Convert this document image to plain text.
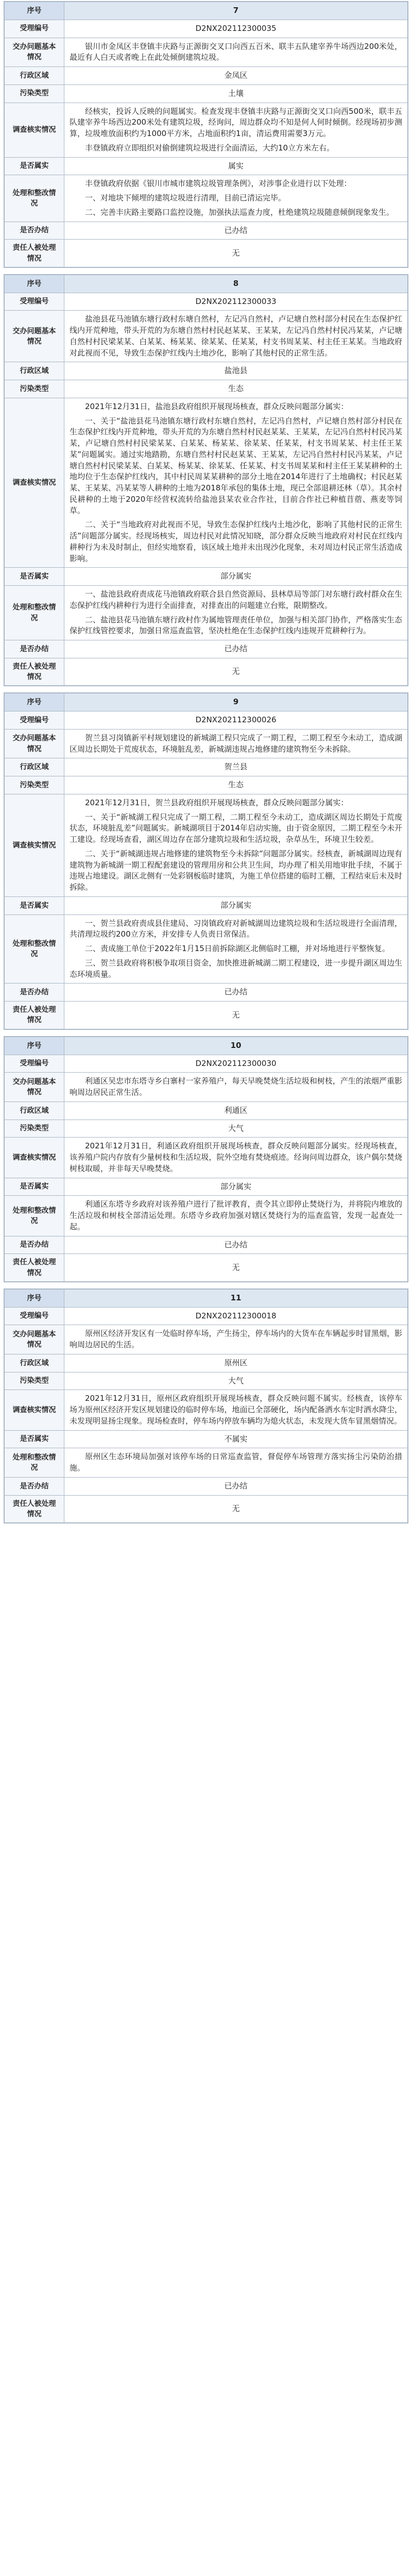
序号	7
受理编号	D2NX202112300035
交办问题基本情况	银川市金凤区丰登镇丰庆路与正源街交叉口向西五百米、联丰五队建宰养牛场西边200米处，最近有人白天或者晚上在此处倾倒建筑垃圾。

行政区域	金凤区
污染类型	土壤
调查核实情况	经核实，投诉人反映的问题属实。检查发现丰登镇丰庆路与正源街交叉口向西500米，联丰五队建宰养牛场西边200米处有建筑垃圾，经询问，周边群众均不知是何人何时倾倒。经现场初步测算，垃圾堆放面积约为1000平方米，占地面积约1亩，清运费用需要3万元。

丰登镇政府立即组织对偷倒建筑垃圾进行全面清运，大约10立方米左右。

是否属实	属实
处理和整改情况	丰登镇政府依据《银川市城市建筑垃圾管理条例》，对涉事企业进行以下处理：

一、对地块下倾埋的建筑垃圾进行清理，目前已清运完毕。

二、完善丰庆路主要路口监控设施，加强执法巡查力度，杜绝建筑垃圾随意倾倒现象发生。

是否办结	已办结
责任人被处理情况	无
序号	8
受理编号	D2NX202112300033
交办问题基本情况	盐池县花马池镇东塘行政村东塘自然村，左记冯自然村，卢记塘自然村部分村民在生态保护红线内开荒种地，带头开荒的为东塘自然村村民赵某某、王某某，左记冯自然村村民冯某某，卢记塘自然村村民梁某某、白某某、杨某某、徐某某、任某某，村支书周某某、村主任王某某。当地政府对此视而不见，导致生态保护红线内土地沙化，影响了其他村民的正常生活。

行政区域	盐池县
污染类型	生态
调查核实情况	2021年12月31日，盐池县政府组织开展现场核查，群众反映问题部分属实：

一、关于“盐池县花马池镇东塘行政村东塘自然村，左记冯自然村，卢记塘自然村部分村民在生态保护红线内开荒种地，带头开荒的为东塘自然村村民赵某某、王某某，左记冯自然村村民冯某某，卢记塘自然村村民梁某某、白某某、杨某某、徐某某、任某某，村支书周某某、村主任王某某”问题属实。通过实地踏勘，东塘自然村村民赵某某、王某某，左记冯自然村村民冯某某，卢记塘自然村村民梁某某、白某某、杨某某、徐某某、任某某、村支书周某某和村主任王某某耕种的土地均位于生态保护红线内，其中村民周某某耕种的部分土地在2014年进行了土地确权；村民赵某某、王某某、冯某某等人耕种的土地为2018年承包的集体土地，现已全部退耕还林（草）。其余村民耕种的土地于2020年经营权流转给盐池县某农业合作社，目前合作社已种植苜蓿、燕麦等饲草。

二、关于“当地政府对此视而不见，导致生态保护红线内土地沙化，影响了其他村民的正常生活”问题部分属实。经现场核实，周边村民对此情况知晓，部分群众反映当地政府对村民在红线内耕种行为未及时制止，但经实地察看，该区域土地并未出现沙化现象，未对周边村民正常生活造成影响。

是否属实	部分属实
处理和整改情况	一、盐池县政府责成花马池镇政府联合县自然资源局、县林草局等部门对东塘行政村群众在生态保护红线内耕种行为进行全面排查，对排查出的问题建立台账，限期整改。

二、盐池县花马池镇东塘行政村作为属地管理责任单位，加强与相关部门协作，严格落实生态保护红线管控要求，加强日常巡查监管，坚决杜绝在生态保护红线内违规开荒耕种行为。

是否办结	已办结
责任人被处理情况	无
序号	9
受理编号	D2NX202112300026
交办问题基本情况	贺兰县习岗镇新平村规划建设的新城湖工程只完成了一期工程，二期工程至今未动工，造成湖区周边长期处于荒废状态，环境脏乱差，新城湖违规占地修建的建筑物至今未拆除。

行政区域	贺兰县
污染类型	生态
调查核实情况	2021年12月31日，贺兰县政府组织开展现场核查，群众反映问题部分属实：

一、关于“新城湖工程只完成了一期工程，二期工程至今未动工，造成湖区周边长期处于荒废状态，环境脏乱差”问题属实。新城湖项目于2014年启动实施，由于资金原因，二期工程至今未开工建设。经现场查看，湖区周边存在部分建筑垃圾和生活垃圾，杂草丛生，环境卫生较差。

二、关于“新城湖违规占地修建的建筑物至今未拆除”问题部分属实。经核查，新城湖周边现有建筑物为新城湖一期工程配套建设的管理用房和公共卫生间，均办理了相关用地审批手续，不属于违规占地建设。湖区北侧有一处彩钢板临时建筑，为施工单位搭建的临时工棚，工程结束后未及时拆除。

是否属实	部分属实
处理和整改情况	一、贺兰县政府责成县住建局、习岗镇政府对新城湖周边建筑垃圾和生活垃圾进行全面清理，共清理垃圾约200立方米，并安排专人负责日常保洁。

二、责成施工单位于2022年1月15日前拆除湖区北侧临时工棚，并对场地进行平整恢复。

三、贺兰县政府将积极争取项目资金，加快推进新城湖二期工程建设，进一步提升湖区周边生态环境质量。

是否办结	已办结
责任人被处理情况	无
序号	10
受理编号	D2NX202112300030
交办问题基本情况	利通区吴忠市东塔寺乡白寨村一家养殖户，每天早晚焚烧生活垃圾和树枝，产生的浓烟严重影响周边居民正常生活。

行政区域	利通区
污染类型	大气
调查核实情况	2021年12月31日，利通区政府组织开展现场核查，群众反映问题部分属实。经现场核查，该养殖户院内存放有少量树枝和生活垃圾，院外空地有焚烧痕迹。经询问周边群众，该户偶尔焚烧树枝取暖，并非每天早晚焚烧。

是否属实	部分属实
处理和整改情况	利通区东塔寺乡政府对该养殖户进行了批评教育，责令其立即停止焚烧行为，并将院内堆放的生活垃圾和树枝全部清运处理。东塔寺乡政府加强对辖区焚烧行为的巡查监管，发现一起查处一起。

是否办结	已办结
责任人被处理情况	无
序号	11
受理编号	D2NX202112300018
交办问题基本情况	原州区经济开发区有一处临时停车场，产生扬尘，停车场内的大货车在车辆起步时冒黑烟，影响周边居民的生活。

行政区域	原州区
污染类型	大气
调查核实情况	2021年12月31日，原州区政府组织开展现场核查，群众反映问题不属实。经核查，该停车场为原州区经济开发区规划建设的临时停车场，地面已全部硬化，场内配备洒水车定时洒水降尘，未发现明显扬尘现象。现场检查时，停车场内停放车辆均为熄火状态，未发现大货车冒黑烟情况。

是否属实	不属实
处理和整改情况	原州区生态环境局加强对该停车场的日常巡查监管，督促停车场管理方落实扬尘污染防治措施。

是否办结	已办结
责任人被处理情况	无
